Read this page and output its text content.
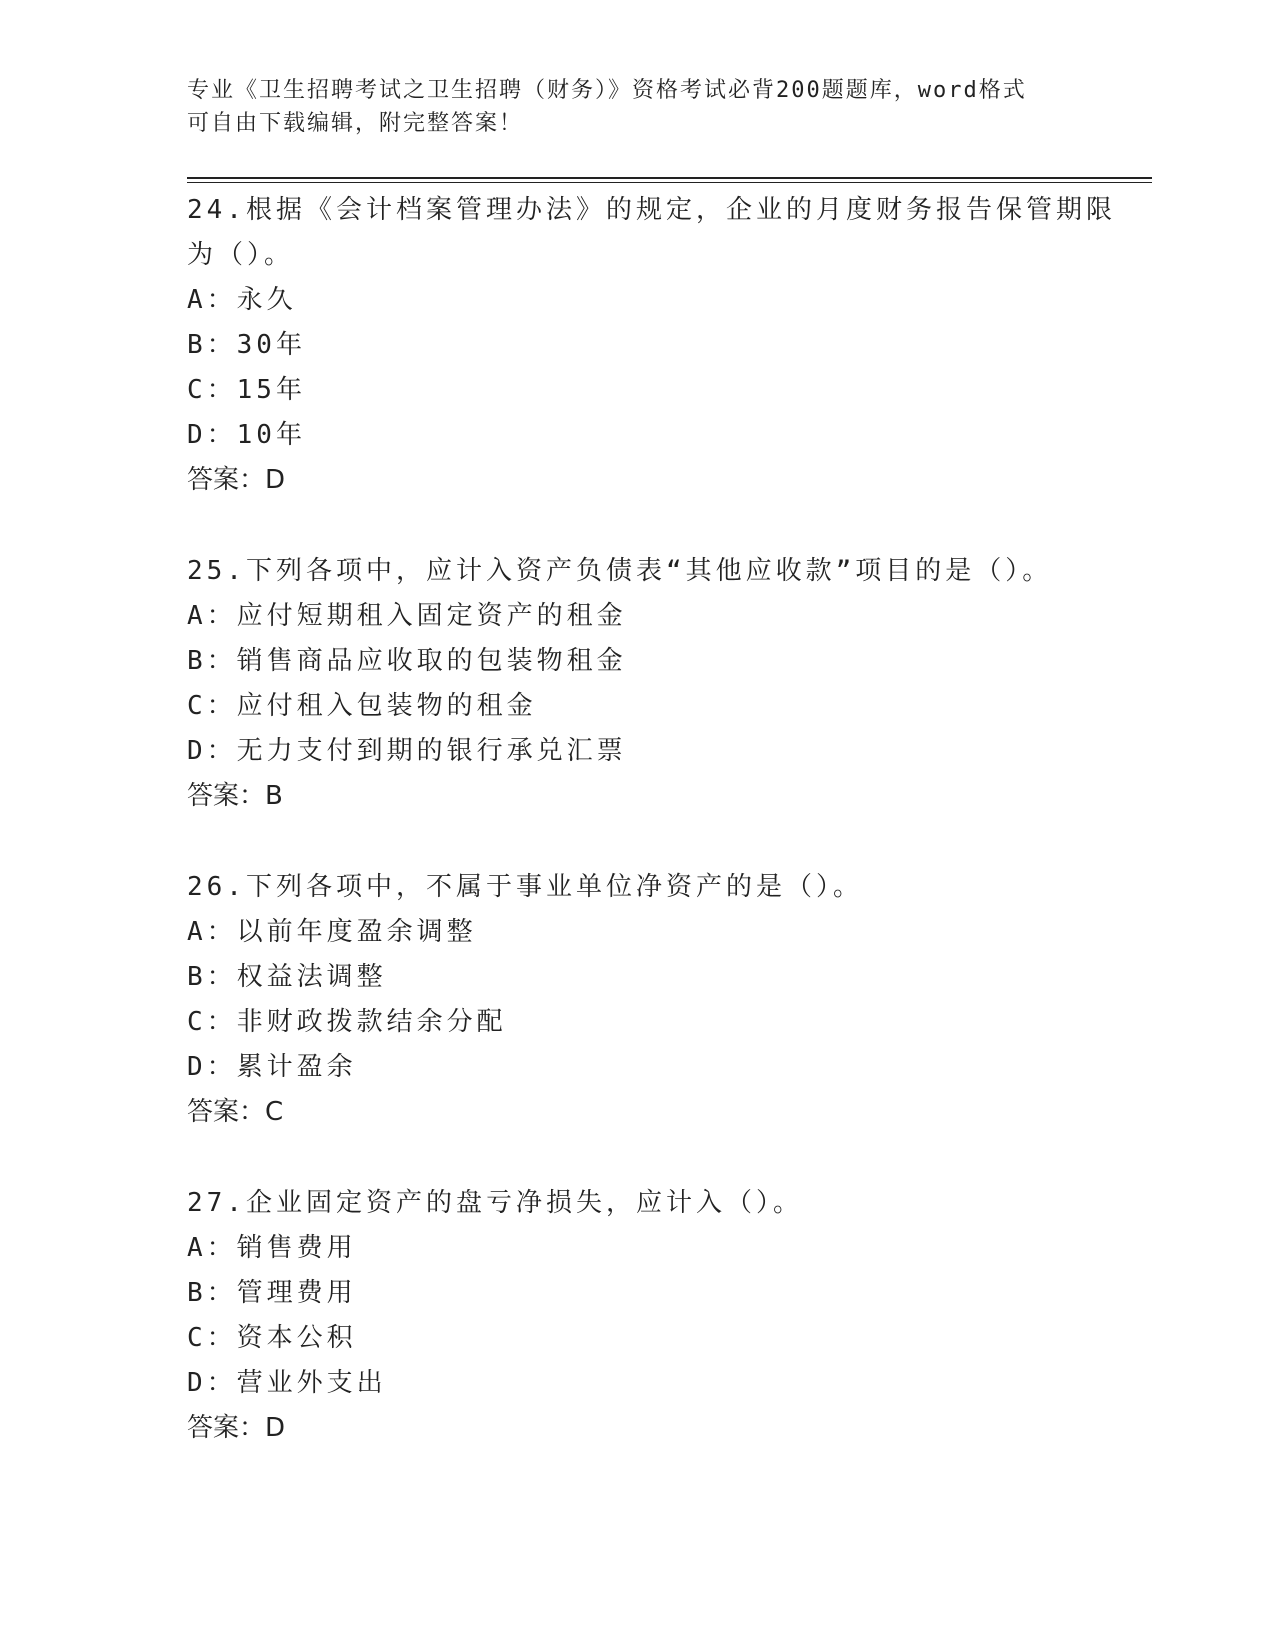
专业《卫生招聘考试之卫生招聘（财务）》资格考试必背200题题库，word格式
可自由下载编辑，附完整答案！
24.根据《会计档案管理办法》的规定，企业的月度财务报告保管期限
为（）。
A：永久
B：30年
C：15年
D：10年
答案：D
25.下列各项中，应计入资产负债表“其他应收款”项目的是（）。
A：应付短期租入固定资产的租金
B：销售商品应收取的包装物租金
C：应付租入包装物的租金
D：无力支付到期的银行承兑汇票
答案：B
26.下列各项中，不属于事业单位净资产的是（）。
A：以前年度盈余调整
B：权益法调整
C：非财政拨款结余分配
D：累计盈余
答案：C
27.企业固定资产的盘亏净损失，应计入（）。
A：销售费用
B：管理费用
C：资本公积
D：营业外支出
答案：D
